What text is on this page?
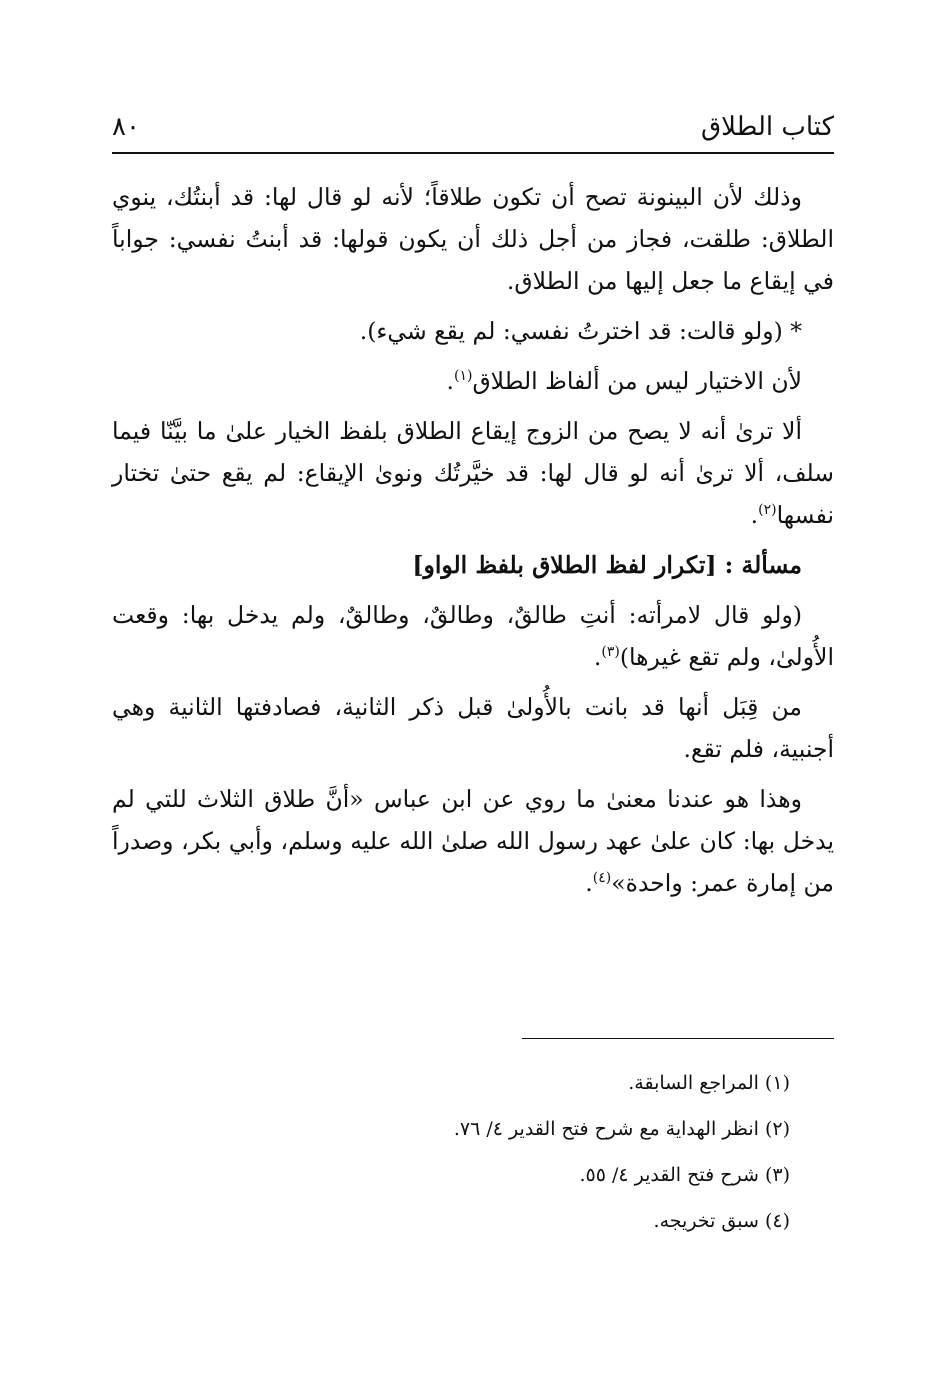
كتاب الطلاق
٨٠

وذلك لأن البينونة تصح أن تكون طلاقاً؛ لأنه لو قال لها: قد أبنتُك، ينوي الطلاق: طلقت، فجاز من أجل ذلك أن يكون قولها: قد أبنتُ نفسي: جواباً في إيقاع ما جعل إليها من الطلاق.

* (ولو قالت: قد اخترتُ نفسي: لم يقع شيء).

لأن الاختيار ليس من ألفاظ الطلاق$^{(١)}$.

ألا ترىٰ أنه لا يصح من الزوج إيقاع الطلاق بلفظ الخيار علىٰ ما بيَّنّا فيما سلف، ألا ترىٰ أنه لو قال لها: قد خيَّرتُك ونوىٰ الإيقاع: لم يقع حتىٰ تختار نفسها$^{(٢)}$.

مسألة : [تكرار لفظ الطلاق بلفظ الواو]

(ولو قال لامرأته: أنتِ طالقٌ، وطالقٌ، وطالقٌ، ولم يدخل بها: وقعت الأُولىٰ، ولم تقع غيرها)$^{(٣)}$.

من قِبَل أنها قد بانت بالأُولىٰ قبل ذكر الثانية، فصادفتها الثانية وهي أجنبية، فلم تقع.

وهذا هو عندنا معنىٰ ما روي عن ابن عباس «أنَّ طلاق الثلاث للتي لم يدخل بها: كان علىٰ عهد رسول الله صلىٰ الله عليه وسلم، وأبي بكر، وصدراً من إمارة عمر: واحدة»$^{(٤)}$.

(١) المراجع السابقة.
(٢) انظر الهداية مع شرح فتح القدير ٤/ ٧٦.
(٣) شرح فتح القدير ٤/ ٥٥.
(٤) سبق تخريجه.
